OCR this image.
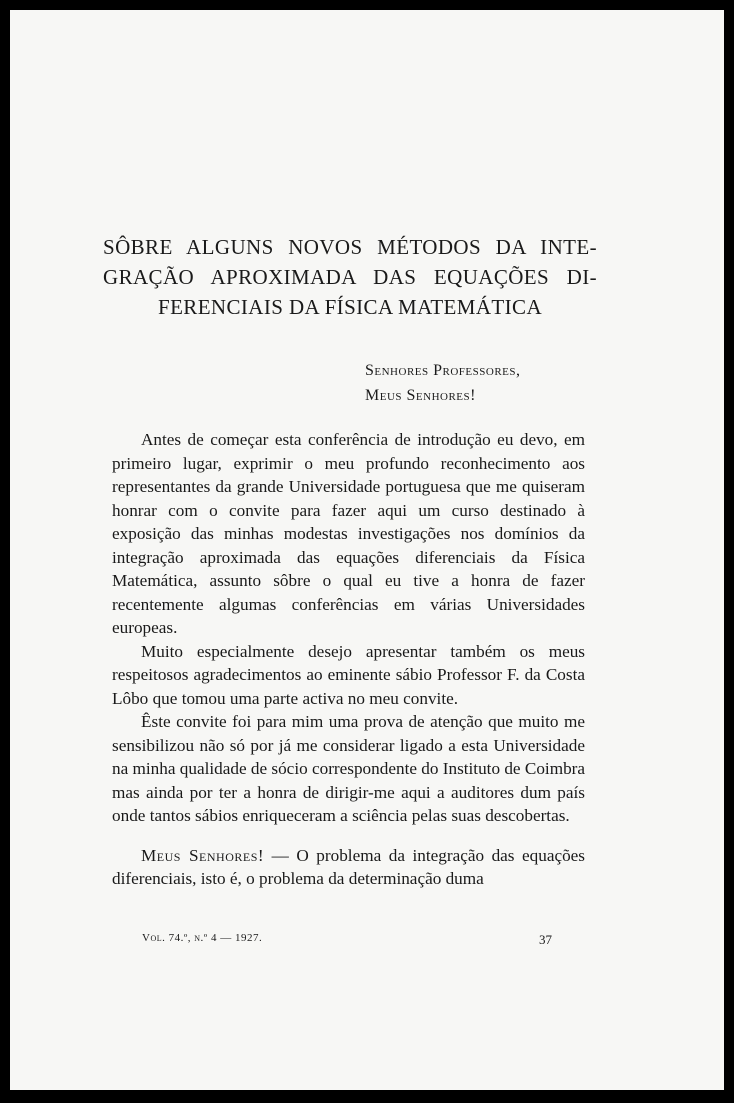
SÔBRE ALGUNS NOVOS MÉTODOS DA INTE-
GRAÇÃO APROXIMADA DAS EQUAÇÕES DI-
FERENCIAIS DA FÍSICA MATEMÁTICA
Senhores Professores,
Meus Senhores!

Antes de começar esta conferência de introdução eu devo, em primeiro lugar, exprimir o meu profundo reconhecimento aos representantes da grande Universidade portuguesa que me quiseram honrar com o convite para fazer aqui um curso destinado à exposição das minhas modestas investigações nos domínios da integração aproximada das equações diferenciais da Física Matemática, assunto sôbre o qual eu tive a honra de fazer recentemente algumas conferências em várias Universidades europeas.

Muito especialmente desejo apresentar também os meus respeitosos agradecimentos ao eminente sábio Professor F. da Costa Lôbo que tomou uma parte activa no meu convite.

Êste convite foi para mim uma prova de atenção que muito me sensibilizou não só por já me considerar ligado a esta Universidade na minha qualidade de sócio correspondente do Instituto de Coimbra mas ainda por ter a honra de dirigir-me aqui a auditores dum país onde tantos sábios enriqueceram a sciência pelas suas descobertas.

Meus Senhores! — O problema da integração das equações diferenciais, isto é, o problema da determinação duma

Vol. 74.º, n.º 4 — 1927.	37
